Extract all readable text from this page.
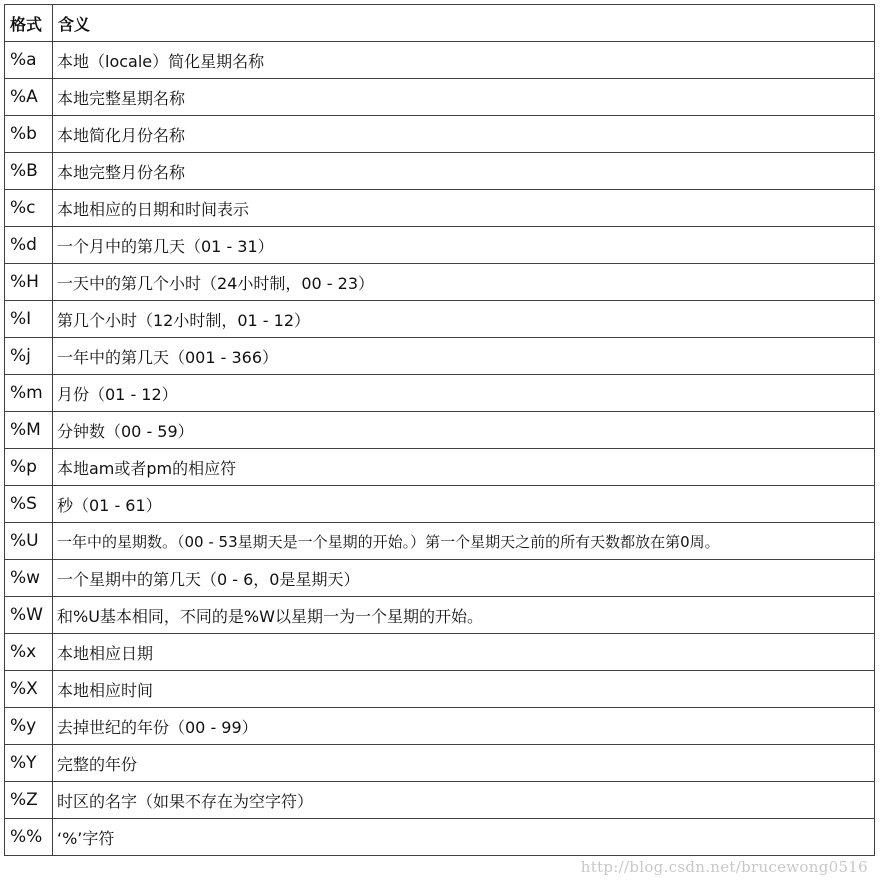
格式	含义
%a	本地（locale）简化星期名称
%A	本地完整星期名称
%b	本地简化月份名称
%B	本地完整月份名称
%c	本地相应的日期和时间表示
%d	一个月中的第几天（01 - 31）
%H	一天中的第几个小时（24小时制，00 - 23）
%I	第几个小时（12小时制，01 - 12）
%j	一年中的第几天（001 - 366）
%m	月份（01 - 12）
%M	分钟数（00 - 59）
%p	本地am或者pm的相应符
%S	秒（01 - 61）
%U	一年中的星期数。（00 - 53星期天是一个星期的开始。）第一个星期天之前的所有天数都放在第0周。
%w	一个星期中的第几天（0 - 6，0是星期天）
%W	和%U基本相同，不同的是%W以星期一为一个星期的开始。
%x	本地相应日期
%X	本地相应时间
%y	去掉世纪的年份（00 - 99）
%Y	完整的年份
%Z	时区的名字（如果不存在为空字符）
%%	‘%’字符
http://blog.csdn.net/brucewong0516
